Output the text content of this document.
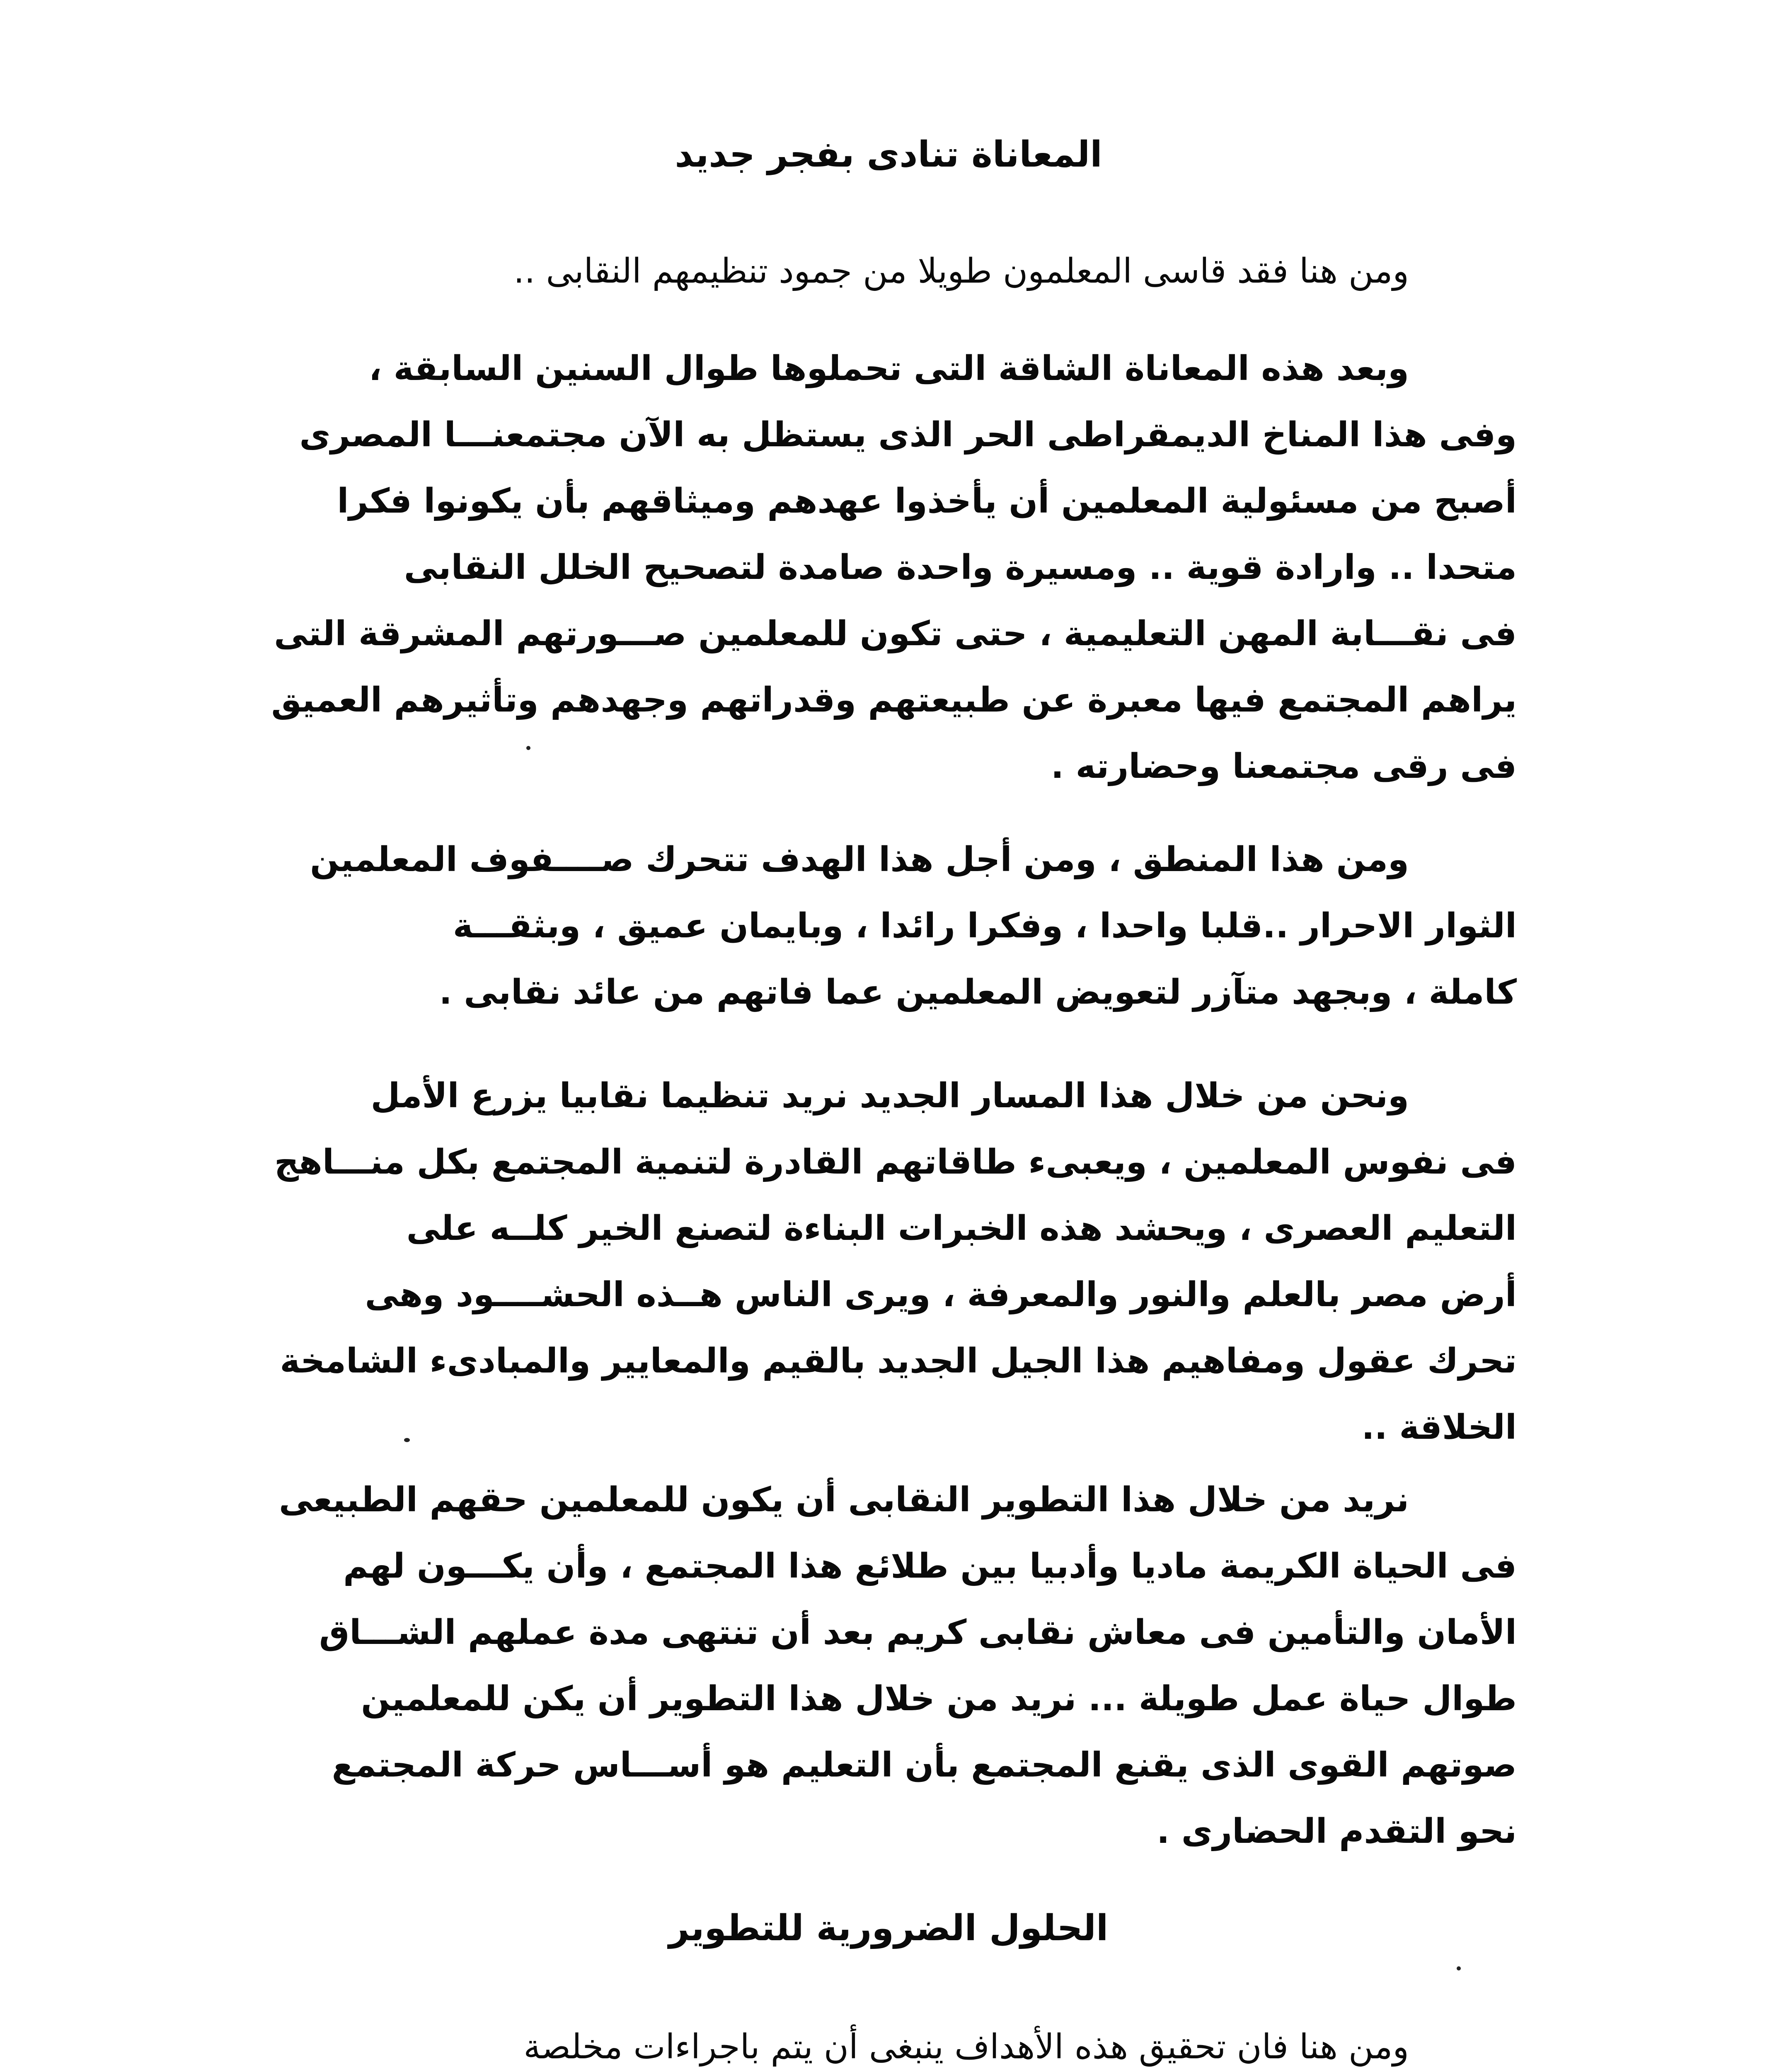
المعاناة تنادى بفجر جديد
ومن هنا فقد قاسى المعلمون طويلا من جمود تنظيمهم النقابى ..
وبعد هذه المعاناة الشاقة التى تحملوها طوال السنين السابقة ،
وفى هذا المناخ الديمقراطى الحر الذى يستظل به الآن مجتمعنـــا المصرى
أصبح من مسئولية المعلمين أن يأخذوا عهدهم وميثاقهم بأن يكونوا فكرا
متحدا .. وارادة قوية .. ومسيرة واحدة صامدة لتصحيح الخلل النقابى
فى نقـــابة المهن التعليمية ، حتى تكون للمعلمين صـــورتهم المشرقة التى
يراهم المجتمع فيها معبرة عن طبيعتهم وقدراتهم وجهدهم وتأثيرهم العميق
فى رقى مجتمعنا وحضارته .
ومن هذا المنطق ، ومن أجل هذا الهدف تتحرك صــــفوف المعلمين
الثوار الاحرار ..قلبا واحدا ، وفكرا رائدا ، وبايمان عميق ، وبثقـــة
كاملة ، وبجهد متآزر لتعويض المعلمين عما فاتهم من عائد نقابى .
ونحن من خلال هذا المسار الجديد نريد تنظيما نقابيا يزرع الأمل
فى نفوس المعلمين ، ويعبىء طاقاتهم القادرة لتنمية المجتمع بكل منـــاهج
التعليم العصرى ، ويحشد هذه الخبرات البناءة لتصنع الخير كلــه على
أرض مصر بالعلم والنور والمعرفة ، ويرى الناس هــذه الحشــــود وهى
تحرك عقول ومفاهيم هذا الجيل الجديد بالقيم والمعايير والمبادىء الشامخة
الخلاقة ..
نريد من خلال هذا التطوير النقابى أن يكون للمعلمين حقهم الطبيعى
فى الحياة الكريمة ماديا وأدبيا بين طلائع هذا المجتمع ، وأن يكـــون لهم
الأمان والتأمين فى معاش نقابى كريم بعد أن تنتهى مدة عملهم الشـــاق
طوال حياة عمل طويلة ... نريد من خلال هذا التطوير أن يكن للمعلمين
صوتهم القوى الذى يقنع المجتمع بأن التعليم هو أســـاس حركة المجتمع
نحو التقدم الحضارى .
الحلول الضرورية للتطوير
ومن هنا فان تحقيق هذه الأهداف ينبغى أن يتم باجراءات مخلصة
